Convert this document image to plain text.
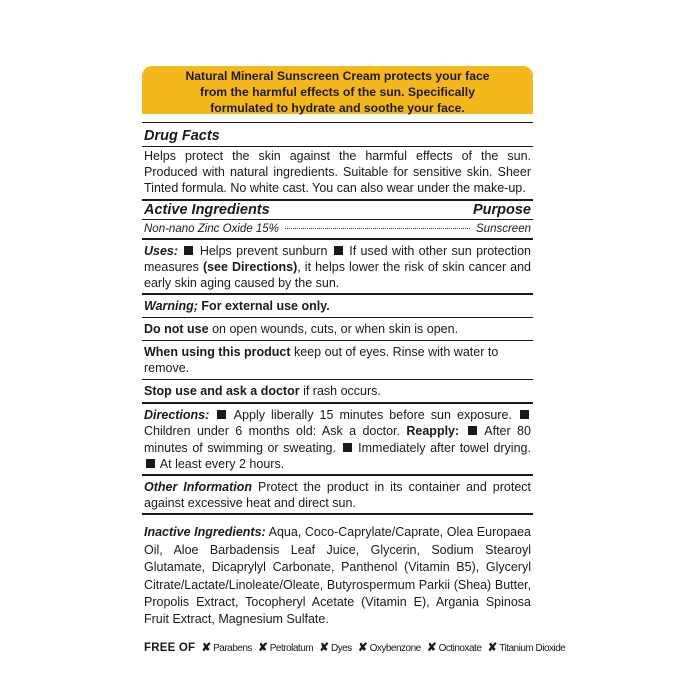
Natural Mineral Sunscreen Cream protects your face
from the harmful effects of the sun. Specifically
formulated to hydrate and soothe your face.
Drug Facts
Helps protect the skin against the harmful effects of the sun. Produced with natural ingredients. Suitable for sensitive skin. Sheer Tinted formula. No white cast. You can also wear under the make-up.
Active Ingredients	Purpose
Non-nano Zinc Oxide 15%	Sunscreen
Uses: Helps prevent sunburn If used with other sun protection measures (see Directions), it helps lower the risk of skin cancer and early skin aging caused by the sun.
Warning; For external use only.
Do not use on open wounds, cuts, or when skin is open.
When using this product keep out of eyes. Rinse with water to remove.
Stop use and ask a doctor if rash occurs.
Directions: Apply liberally 15 minutes before sun exposure.  Children under 6 months old: Ask a doctor. Reapply: After 80 minutes of swimming or sweating. Immediately after towel drying.  At least every 2 hours.
Other Information Protect the product in its container and protect against excessive heat and direct sun.
Inactive Ingredients: Aqua, Coco-Caprylate/Caprate, Olea Europaea Oil, Aloe Barbadensis Leaf Juice, Glycerin, Sodium Stearoyl Glutamate, Dicaprylyl Carbonate, Panthenol (Vitamin B5), Glyceryl Citrate/Lactate/Linoleate/Oleate, Butyrospermum Parkii (Shea) Butter, Propolis Extract, Tocopheryl Acetate (Vitamin E), Argania Spinosa Fruit Extract, Magnesium Sulfate.
FREE OF ✘ Parabens ✘ Petrolatum ✘ Dyes ✘ Oxybenzone ✘ Octinoxate ✘ Titanium Dioxide
